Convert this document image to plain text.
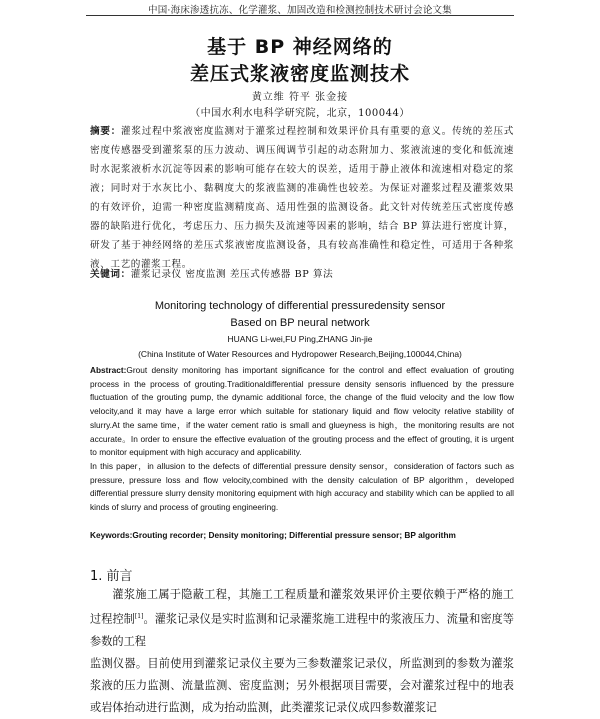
中国·海床渗透抗冻、化学灌浆、加固改造和检测控制技术研讨会论文集
基于 BP 神经网络的
差压式浆液密度监测技术
黄立维 符平 张金接
（中国水利水电科学研究院，北京，100044）
摘要：灌浆过程中浆液密度监测对于灌浆过程控制和效果评价具有重要的意义。传统的差压式密度传感器受到灌浆泵的压力波动、调压阀调节引起的动态附加力、浆液流速的变化和低流速时水泥浆液析水沉淀等因素的影响可能存在较大的误差，适用于静止液体和流速相对稳定的浆液；同时对于水灰比小、黏稠度大的浆液监测的准确性也较差。为保证对灌浆过程及灌浆效果的有效评价，迫需一种密度监测精度高、适用性强的监测设备。此文针对传统差压式密度传感器的缺陷进行优化，考虑压力、压力损失及流速等因素的影响，结合 BP 算法进行密度计算，研发了基于神经网络的差压式浆液密度监测设备，具有较高准确性和稳定性，可适用于各种浆液、工艺的灌浆工程。
关键词：灌浆记录仪 密度监测 差压式传感器 BP 算法
Monitoring technology of differential pressuredensity sensor
Based on BP neural network
HUANG Li-wei,FU Ping,ZHANG Jin-jie
(China Institute of Water Resources and Hydropower Research,Beijing,100044,China)

Abstract:Grout density monitoring has important significance for the control and effect evaluation of grouting process in the process of grouting.Traditionaldifferential pressure density sensoris influenced by the pressure fluctuation of the grouting pump, the dynamic additional force, the change of the fluid velocity and the low flow velocity,and it may have a large error which suitable for stationary liquid and flow velocity relative stability of slurry.At the same time，if the water cement ratio is small and glueyness is high，the monitoring results are not accurate。In order to ensure the effective evaluation of the grouting process and the effect of grouting, it is urgent to monitor equipment with high accuracy and applicability.

In this paper，in allusion to the defects of differential pressure density sensor，consideration of factors such as pressure, pressure loss and flow velocity,combined with the density calculation of BP algorithm，developed differential pressure slurry density monitoring equipment with high accuracy and stability which can be applied to all kinds of slurry and process of grouting engineering.

Keywords:Grouting recorder; Density monitoring; Differential pressure sensor; BP algorithm
1. 前言

灌浆施工属于隐蔽工程，其施工工程质量和灌浆效果评价主要依赖于严格的施工过程控制[1]。灌浆记录仪是实时监测和记录灌浆施工进程中的浆液压力、流量和密度等参数的工程

监测仪器。目前使用到灌浆记录仪主要为三参数灌浆记录仪，所监测到的参数为灌浆浆液的压力监测、流量监测、密度监测；另外根据项目需要，会对灌浆过程中的地表或岩体抬动进行监测，成为抬动监测，此类灌浆记录仪成四参数灌浆记
